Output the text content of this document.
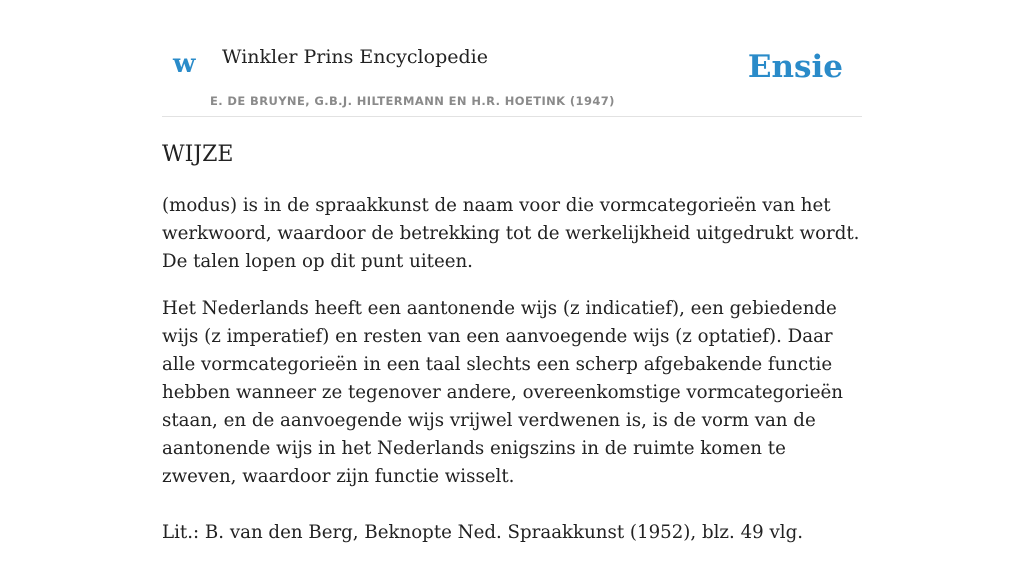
w Winkler Prins Encyclopedie
E. DE BRUYNE, G.B.J. HILTERMANN EN H.R. HOETINK (1947)
Ensie
WIJZE

(modus) is in de spraakkunst de naam voor die vormcategorieën van het werkwoord, waardoor de betrekking tot de werkelijkheid uitgedrukt wordt. De talen lopen op dit punt uiteen.

Het Nederlands heeft een aantonende wijs (z indicatief), een gebiedende wijs (z imperatief) en resten van een aanvoegende wijs (z optatief). Daar alle vormcategorieën in een taal slechts een scherp afgebakende functie hebben wanneer ze tegenover andere, overeenkomstige vormcategorieën staan, en de aanvoegende wijs vrijwel verdwenen is, is de vorm van de aantonende wijs in het Nederlands enigszins in de ruimte komen te zweven, waardoor zijn functie wisselt.

Lit.: B. van den Berg, Beknopte Ned. Spraakkunst (1952), blz. 49 vlg.
